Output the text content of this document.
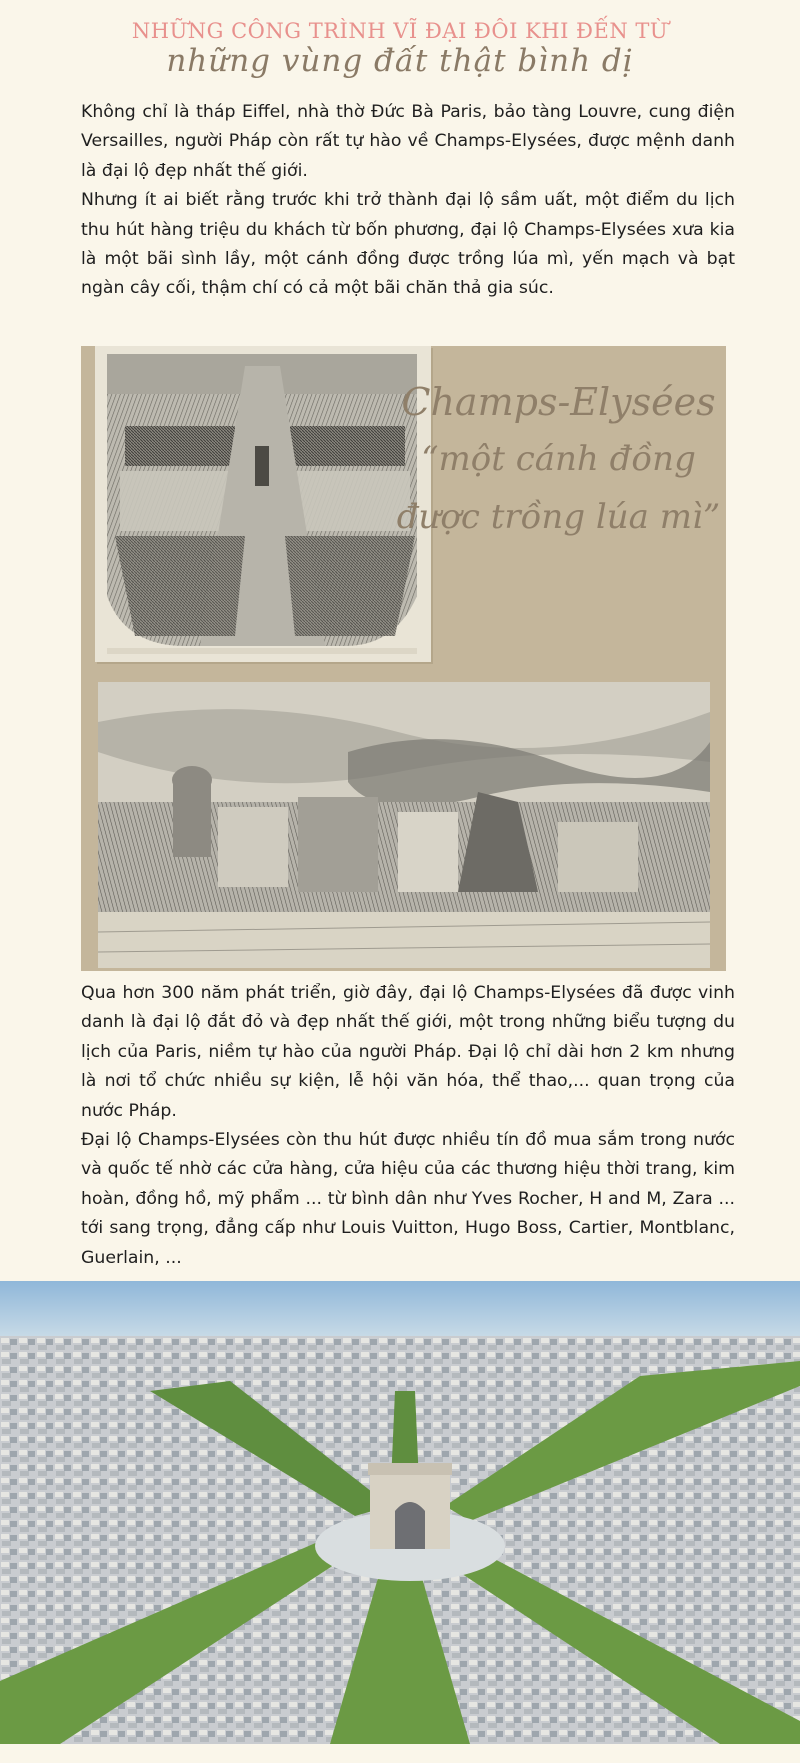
NHỮNG CÔNG TRÌNH VĨ ĐẠI ĐÔI KHI ĐẾN TỪ
những vùng đất thật bình dị

Không chỉ là tháp Eiffel, nhà thờ Đức Bà Paris, bảo tàng Louvre, cung điện Versailles, người Pháp còn rất tự hào về Champs-Elysées, được mệnh danh là đại lộ đẹp nhất thế giới.

Nhưng ít ai biết rằng trước khi trở thành đại lộ sầm uất, một điểm du lịch thu hút hàng triệu du khách từ bốn phương, đại lộ Champs-Elysées xưa kia là một bãi sình lầy, một cánh đồng được trồng lúa mì, yến mạch và bạt ngàn cây cối, thậm chí có cả một bãi chăn thả gia súc.

Champs-Elysées
“một cánh đồng
được trồng lúa mì”

Qua hơn 300 năm phát triển, giờ đây, đại lộ Champs-Elysées đã được vinh danh là đại lộ đắt đỏ và đẹp nhất thế giới, một trong những biểu tượng du lịch của Paris, niềm tự hào của người Pháp. Đại lộ chỉ dài hơn 2 km nhưng là nơi tổ chức nhiều sự kiện, lễ hội văn hóa, thể thao,... quan trọng của nước Pháp.

Đại lộ Champs-Elysées còn thu hút được nhiều tín đồ mua sắm trong nước và quốc tế nhờ các cửa hàng, cửa hiệu của các thương hiệu thời trang, kim hoàn, đồng hồ, mỹ phẩm ... từ bình dân như Yves Rocher, H and M, Zara ... tới sang trọng, đẳng cấp như Louis Vuitton, Hugo Boss, Cartier, Montblanc, Guerlain, ...
